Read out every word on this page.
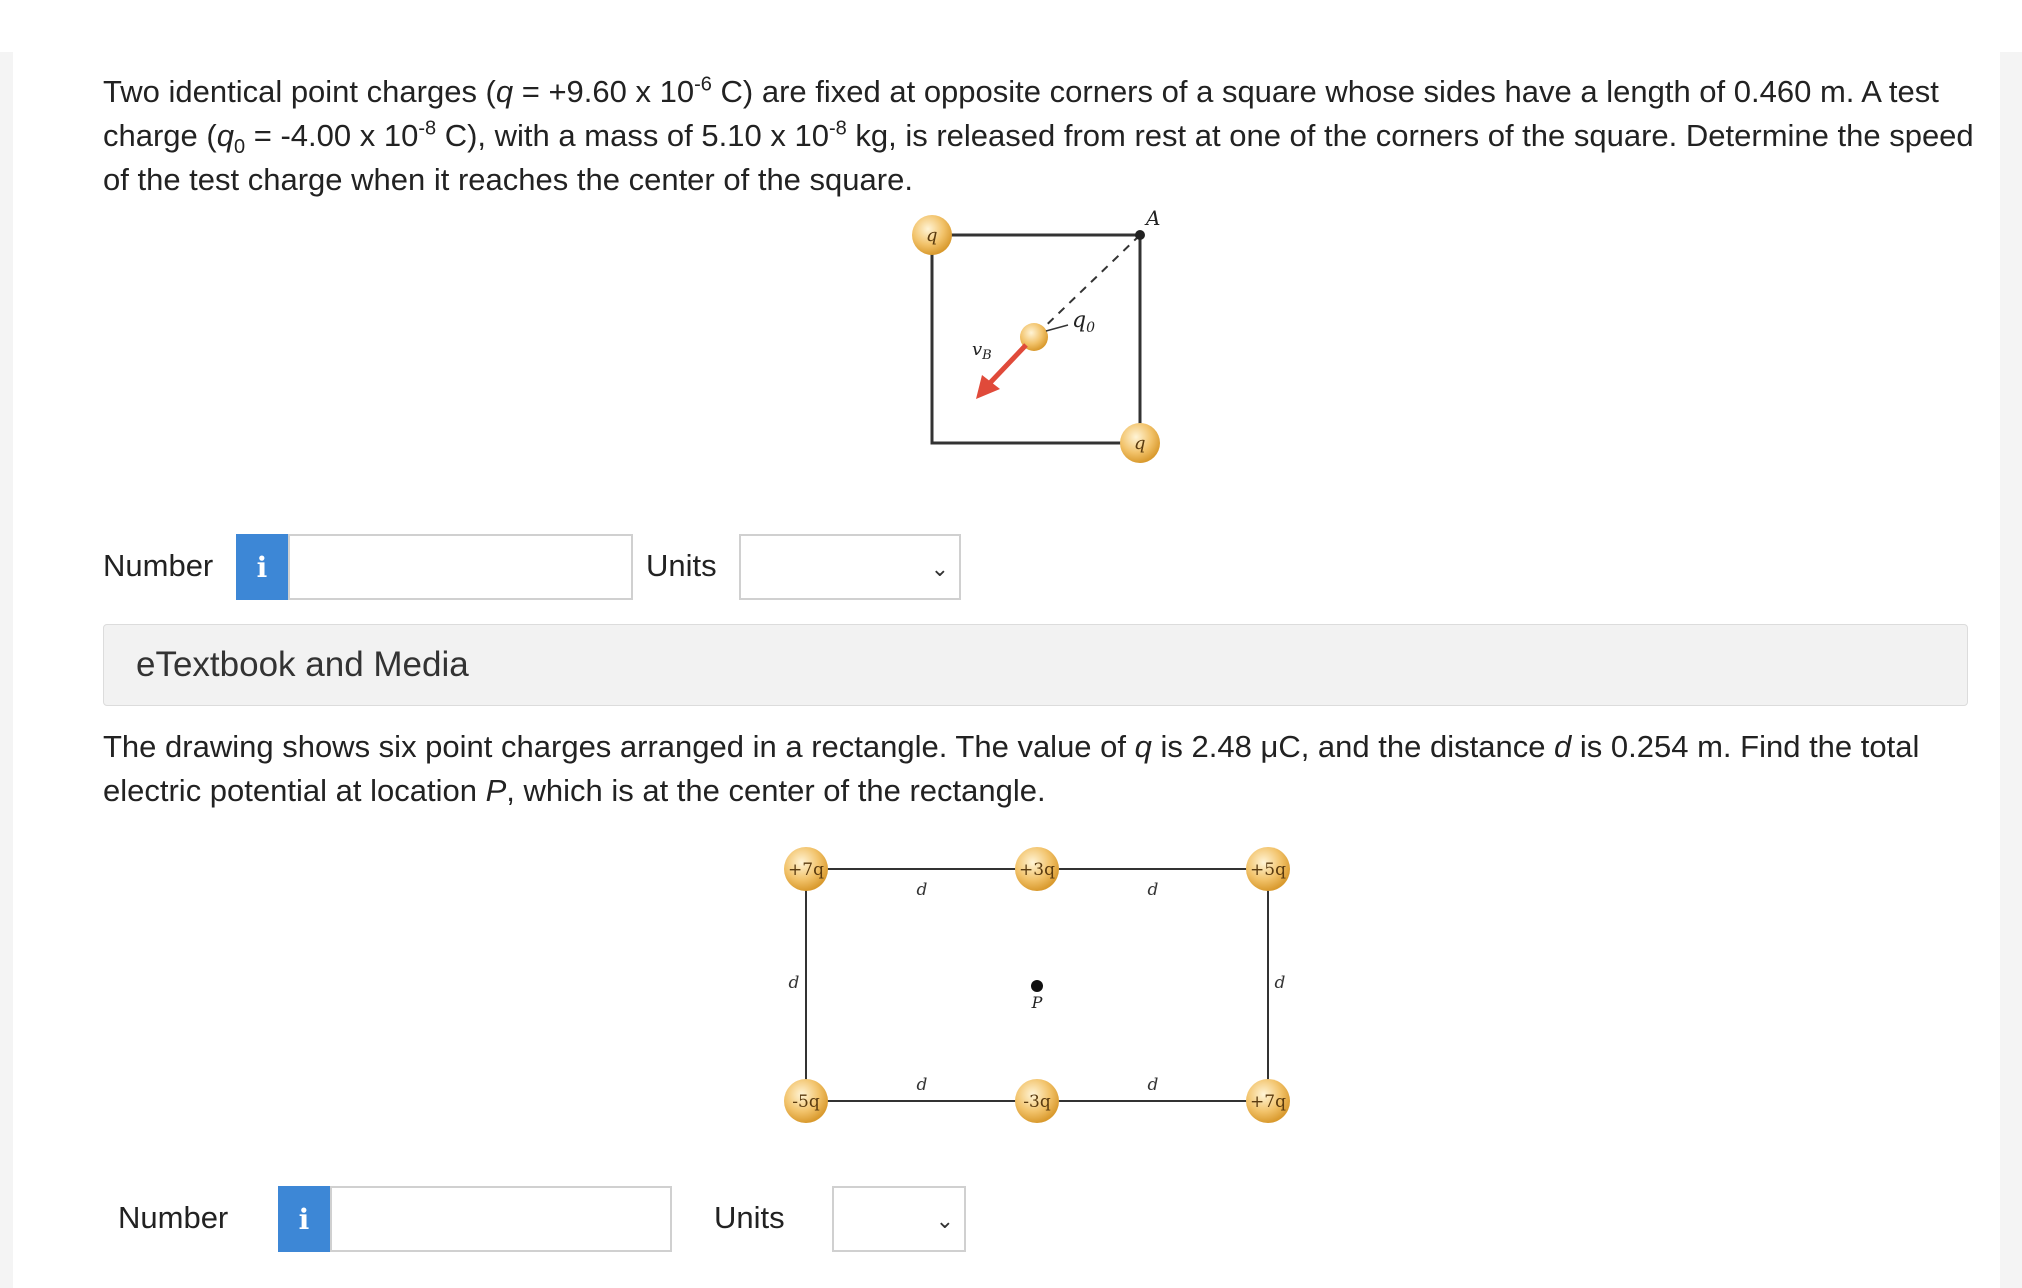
Two identical point charges (q = +9.60 x $10^{-6}$ C) are fixed at opposite corners of a square whose sides have a length of 0.460 m. A test charge ($q_0 = -4.00$ x $10^{-8}$ C), with a mass of 5.10 x $10^{-8}$ kg, is released from rest at one of the corners of the square. Determine the speed of the test charge when it reaches the center of the square.
A
q
q
$q_0$
$v_B$
Number	i	Units	⌄
eTextbook and Media
The drawing shows six point charges arranged in a rectangle. The value of q is 2.48 μC, and the distance d is 0.254 m. Find the total electric potential at location P, which is at the center of the rectangle.
+7q	+3q	+5q
-5q	-3q	+7q
d	d
d	d
d	d
P
Number	i	Units	⌄
